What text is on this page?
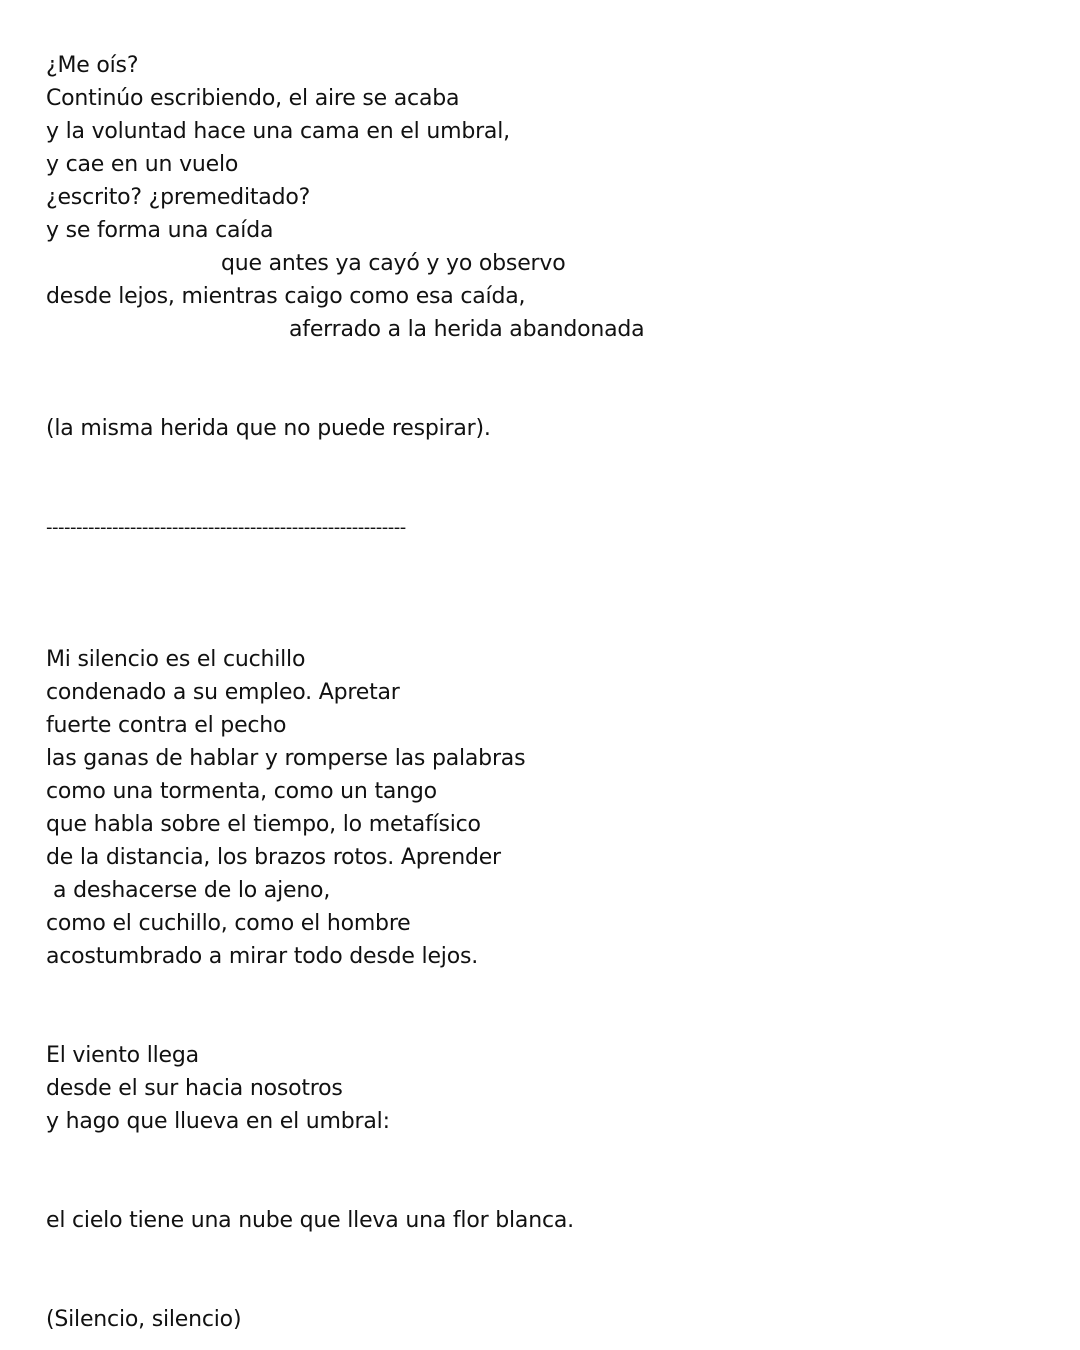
¿Me oís?
Continúo escribiendo, el aire se acaba
y la voluntad hace una cama en el umbral,
y cae en un vuelo
¿escrito? ¿premeditado?
y se forma una caída
que antes ya cayó y yo observo
desde lejos, mientras caigo como esa caída,
aferrado a la herida abandonada
(la misma herida que no puede respirar).
------------------------------------------------------------
Mi silencio es el cuchillo
condenado a su empleo. Apretar
fuerte contra el pecho
las ganas de hablar y romperse las palabras
como una tormenta, como un tango
que habla sobre el tiempo, lo metafísico
de la distancia, los brazos rotos. Aprender
a deshacerse de lo ajeno,
como el cuchillo, como el hombre
acostumbrado a mirar todo desde lejos.
El viento llega
desde el sur hacia nosotros
y hago que llueva en el umbral:
el cielo tiene una nube que lleva una flor blanca.
(Silencio, silencio)
